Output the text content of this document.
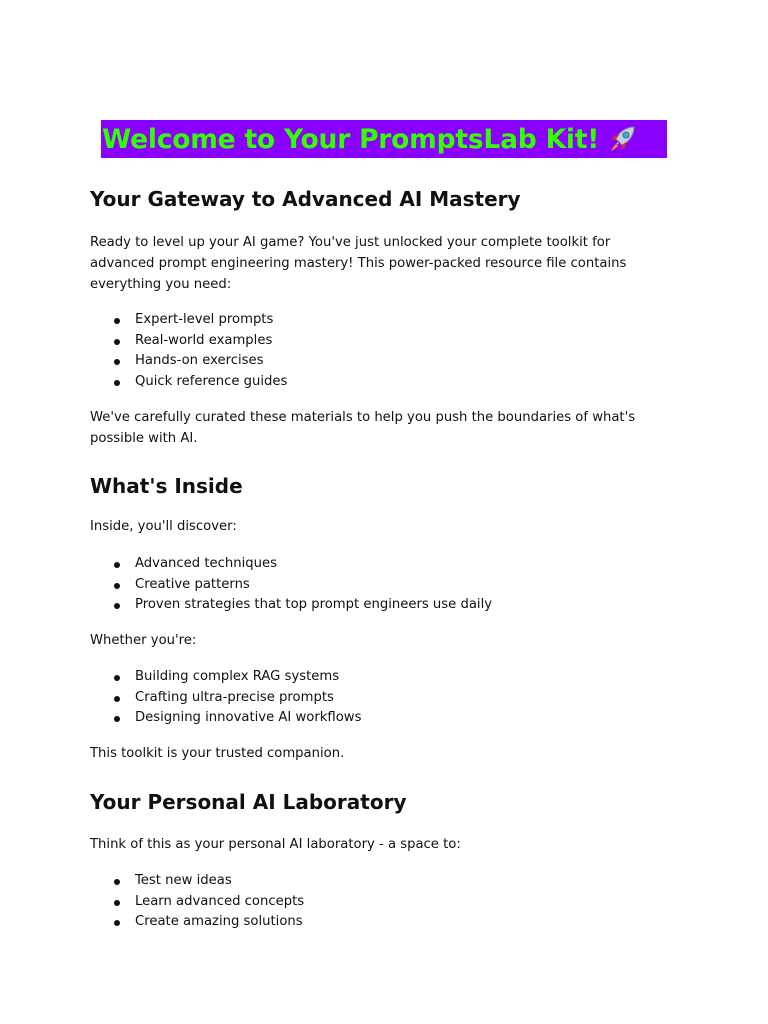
Welcome to Your PromptsLab Kit!
Your Gateway to Advanced AI Mastery

Ready to level up your AI game? You've just unlocked your complete toolkit for advanced prompt engineering mastery! This power-packed resource file contains everything you need:

Expert-level prompts
Real-world examples
Hands-on exercises
Quick reference guides

We've carefully curated these materials to help you push the boundaries of what's possible with AI.

What's Inside

Inside, you'll discover:

Advanced techniques
Creative patterns
Proven strategies that top prompt engineers use daily

Whether you're:

Building complex RAG systems
Crafting ultra-precise prompts
Designing innovative AI workflows

This toolkit is your trusted companion.

Your Personal AI Laboratory

Think of this as your personal AI laboratory - a space to:

Test new ideas
Learn advanced concepts
Create amazing solutions
